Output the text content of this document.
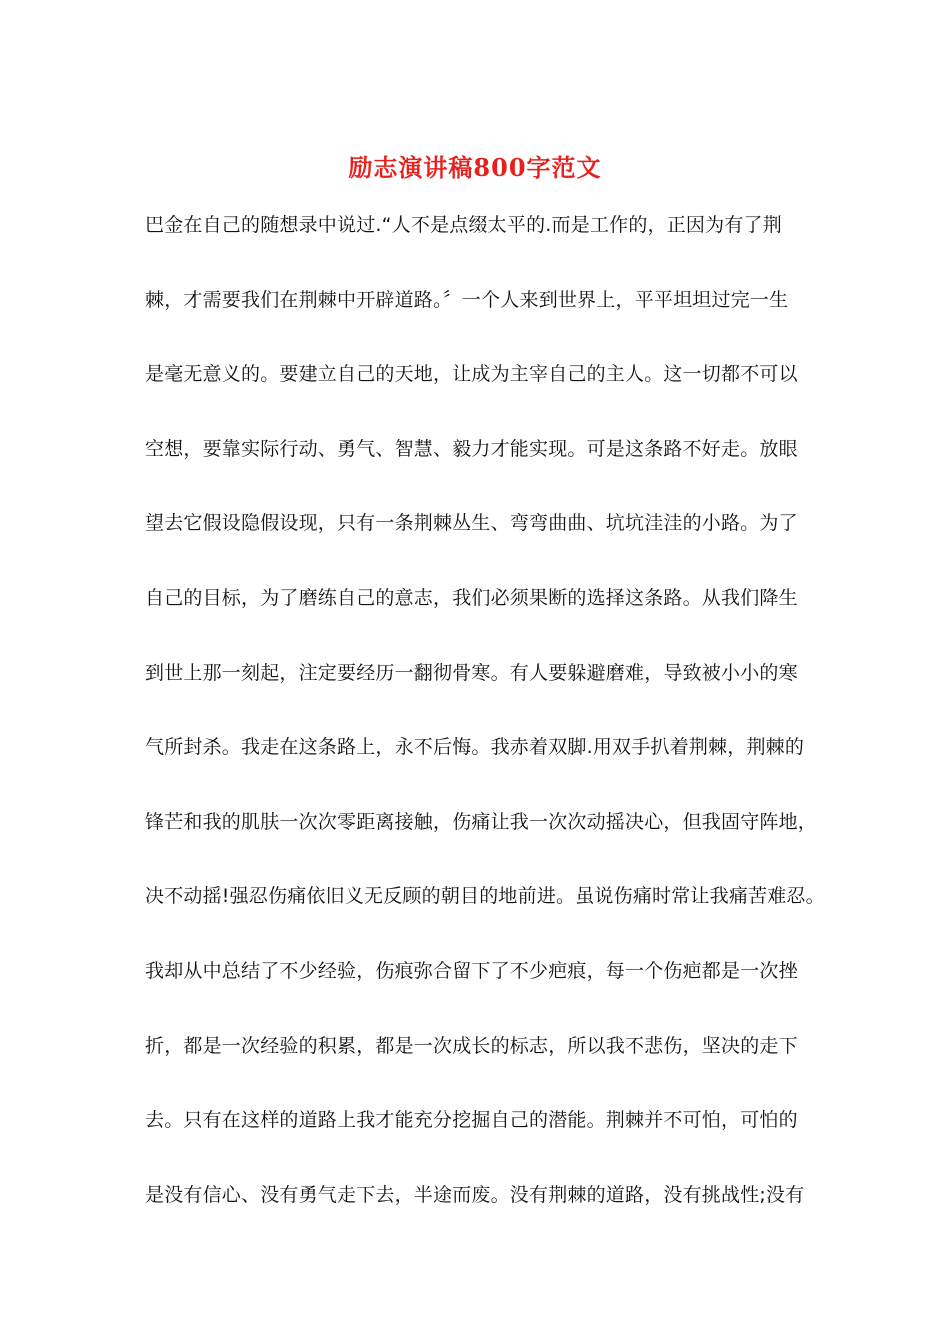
励志演讲稿800字范文
巴金在自己的随想录中说过.“人不是点缀太平的.而是工作的，正因为有了荆
棘，才需要我们在荆棘中开辟道路。〞一个人来到世界上，平平坦坦过完一生
是毫无意义的。要建立自己的天地，让成为主宰自己的主人。这一切都不可以
空想，要靠实际行动、勇气、智慧、毅力才能实现。可是这条路不好走。放眼
望去它假设隐假设现，只有一条荆棘丛生、弯弯曲曲、坑坑洼洼的小路。为了
自己的目标，为了磨练自己的意志，我们必须果断的选择这条路。从我们降生
到世上那一刻起，注定要经历一翻彻骨寒。有人要躲避磨难，导致被小小的寒
气所封杀。我走在这条路上，永不后悔。我赤着双脚.用双手扒着荆棘，荆棘的
锋芒和我的肌肤一次次零距离接触，伤痛让我一次次动摇决心，但我固守阵地，
决不动摇!强忍伤痛依旧义无反顾的朝目的地前进。虽说伤痛时常让我痛苦难忍。
我却从中总结了不少经验，伤痕弥合留下了不少疤痕，每一个伤疤都是一次挫
折，都是一次经验的积累，都是一次成长的标志，所以我不悲伤，坚决的走下
去。只有在这样的道路上我才能充分挖掘自己的潜能。荆棘并不可怕，可怕的
是没有信心、没有勇气走下去，半途而废。没有荆棘的道路，没有挑战性;没有
